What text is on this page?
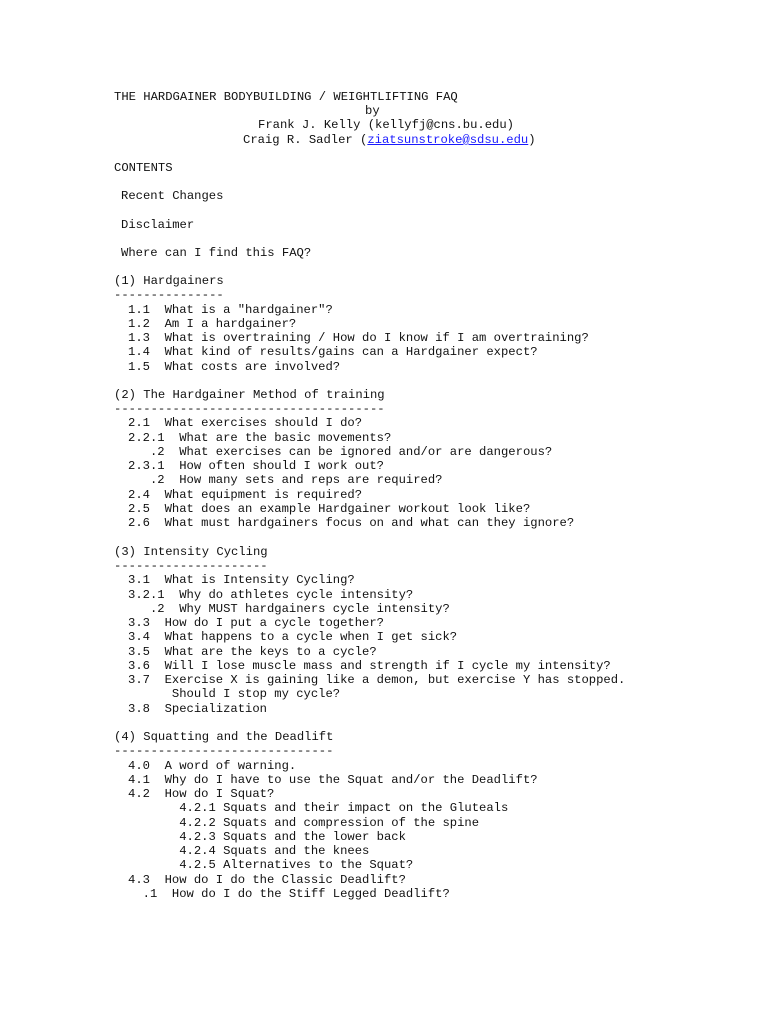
THE HARDGAINER BODYBUILDING / WEIGHTLIFTING FAQ
by
Frank J. Kelly (kellyfj@cns.bu.edu)
Craig R. Sadler (ziatsunstroke@sdsu.edu)
CONTENTS
Recent Changes
Disclaimer
Where can I find this FAQ?
(1) Hardgainers
---------------
1.1  What is a "hardgainer"?
1.2  Am I a hardgainer?
1.3  What is overtraining / How do I know if I am overtraining?
1.4  What kind of results/gains can a Hardgainer expect?
1.5  What costs are involved?
(2) The Hardgainer Method of training
-------------------------------------
2.1  What exercises should I do?
2.2.1  What are the basic movements?
.2  What exercises can be ignored and/or are dangerous?
2.3.1  How often should I work out?
.2  How many sets and reps are required?
2.4  What equipment is required?
2.5  What does an example Hardgainer workout look like?
2.6  What must hardgainers focus on and what can they ignore?
(3) Intensity Cycling
---------------------
3.1  What is Intensity Cycling?
3.2.1  Why do athletes cycle intensity?
.2  Why MUST hardgainers cycle intensity?
3.3  How do I put a cycle together?
3.4  What happens to a cycle when I get sick?
3.5  What are the keys to a cycle?
3.6  Will I lose muscle mass and strength if I cycle my intensity?
3.7  Exercise X is gaining like a demon, but exercise Y has stopped.
Should I stop my cycle?
3.8  Specialization
(4) Squatting and the Deadlift
------------------------------
4.0  A word of warning.
4.1  Why do I have to use the Squat and/or the Deadlift?
4.2  How do I Squat?
4.2.1 Squats and their impact on the Gluteals
4.2.2 Squats and compression of the spine
4.2.3 Squats and the lower back
4.2.4 Squats and the knees
4.2.5 Alternatives to the Squat?
4.3  How do I do the Classic Deadlift?
.1  How do I do the Stiff Legged Deadlift?
